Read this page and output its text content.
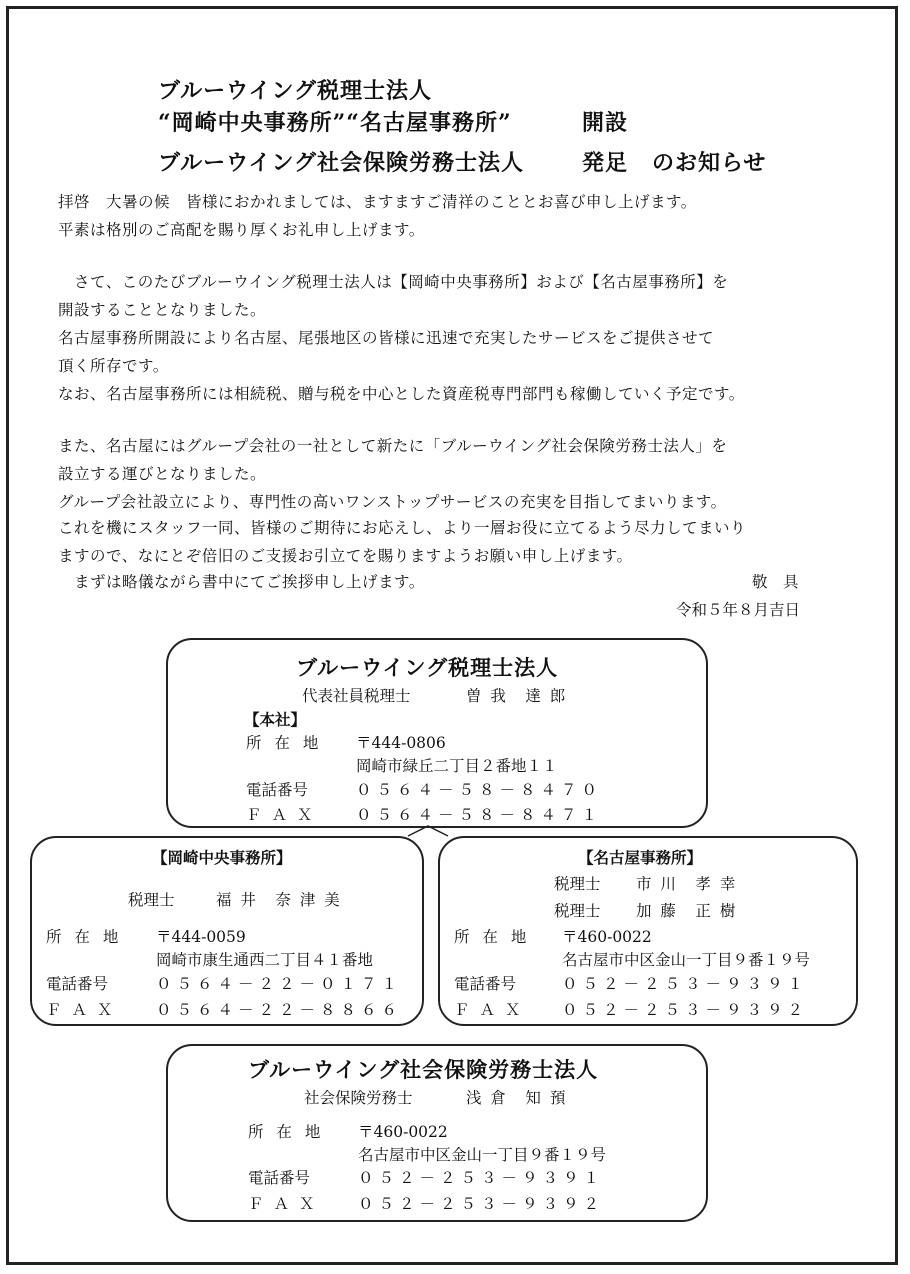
ブルーウイング税理士法人
“岡崎中央事務所”“名古屋事務所”	開設
ブルーウイング社会保険労務士法人	発足 のお知らせ
拝啓　大暑の候　皆様におかれましては、ますますご清祥のこととお喜び申し上げます。
平素は格別のご高配を賜り厚くお礼申し上げます。
　さて、このたびブルーウイング税理士法人は【岡崎中央事務所】および【名古屋事務所】を
開設することとなりました。
名古屋事務所開設により名古屋、尾張地区の皆様に迅速で充実したサービスをご提供させて
頂く所存です。
なお、名古屋事務所には相続税、贈与税を中心とした資産税専門部門も稼働していく予定です。
また、名古屋にはグループ会社の一社として新たに「ブルーウイング社会保険労務士法人」を
設立する運びとなりました。
グループ会社設立により、専門性の高いワンストップサービスの充実を目指してまいります。
これを機にスタッフ一同、皆様のご期待にお応えし、より一層お役に立てるよう尽力してまいり
ますので、なにとぞ倍旧のご支援お引立てを賜りますようお願い申し上げます。
　まずは略儀ながら書中にてご挨拶申し上げます。	敬　具
令和５年８月吉日
ブルーウイング税理士法人
代表社員税理士	曽 我　達 郎
【本社】
所 在 地 〒444-0806
岡崎市緑丘二丁目２番地１１
電話番号	０５６４－５８－８４７０
ＦＡＸ ０５６４－５８－８４７１
【岡崎中央事務所】
税理士	福 井　奈 津 美
所 在 地 〒444-0059
岡崎市康生通西二丁目４１番地
電話番号	０５６４－２２－０１７１
ＦＡＸ ０５６４－２２－８８６６
【名古屋事務所】
税理士 市 川　孝 幸
税理士 加 藤　正 樹
所 在 地 〒460-0022
名古屋市中区金山一丁目９番１９号
電話番号	０５２－２５３－９３９１
ＦＡＸ ０５２－２５３－９３９２
ブルーウイング社会保険労務士法人
社会保険労務士	浅 倉　知 預
所 在 地 〒460-0022
名古屋市中区金山一丁目９番１９号
電話番号	０５２－２５３－９３９１
ＦＡＸ ０５２－２５３－９３９２
